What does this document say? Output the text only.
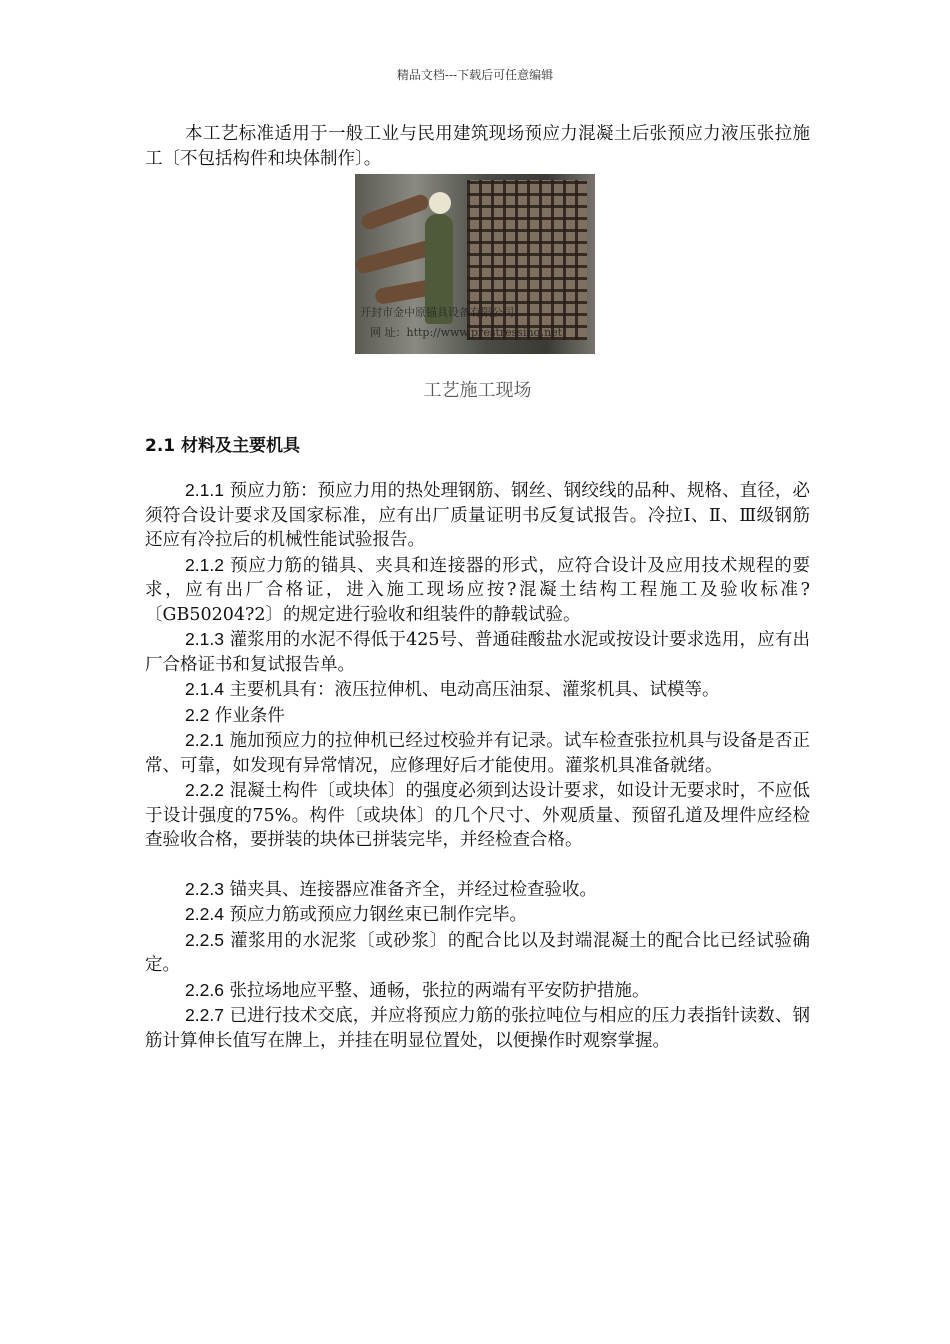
精品文档---下载后可任意编辑

本工艺标准适用于一般工业与民用建筑现场预应力混凝土后张预应力液压张拉施工〔不包括构件和块体制作〕。

开封市金中原锚具设备有限公司
网 址：http://www.prestressing.net

工艺施工现场

2.1 材料及主要机具

2.1.1 预应力筋：预应力用的热处理钢筋、钢丝、钢绞线的品种、规格、直径，必须符合设计要求及国家标准，应有出厂质量证明书反复试报告。冷拉Ⅰ、Ⅱ、Ⅲ级钢筋还应有冷拉后的机械性能试验报告。

2.1.2 预应力筋的锚具、夹具和连接器的形式，应符合设计及应用技术规程的要求，应有出厂合格证，进入施工现场应按?混凝土结构工程施工及验收标准?〔GB50204?2〕的规定进行验收和组装件的静载试验。

2.1.3 灌浆用的水泥不得低于425号、普通硅酸盐水泥或按设计要求选用，应有出厂合格证书和复试报告单。

2.1.4 主要机具有：液压拉伸机、电动高压油泵、灌浆机具、试模等。

2.2 作业条件

2.2.1 施加预应力的拉伸机已经过校验并有记录。试车检查张拉机具与设备是否正常、可靠，如发现有异常情况，应修理好后才能使用。灌浆机具准备就绪。

2.2.2 混凝土构件〔或块体〕的强度必须到达设计要求，如设计无要求时，不应低于设计强度的75%。构件〔或块体〕的几个尺寸、外观质量、预留孔道及埋件应经检查验收合格，要拼装的块体已拼装完毕，并经检查合格。

2.2.3 锚夹具、连接器应准备齐全，并经过检查验收。

2.2.4 预应力筋或预应力钢丝束已制作完毕。

2.2.5 灌浆用的水泥浆〔或砂浆〕的配合比以及封端混凝土的配合比已经试验确定。

2.2.6 张拉场地应平整、通畅，张拉的两端有平安防护措施。

2.2.7 已进行技术交底，并应将预应力筋的张拉吨位与相应的压力表指针读数、钢筋计算伸长值写在牌上，并挂在明显位置处，以便操作时观察掌握。
